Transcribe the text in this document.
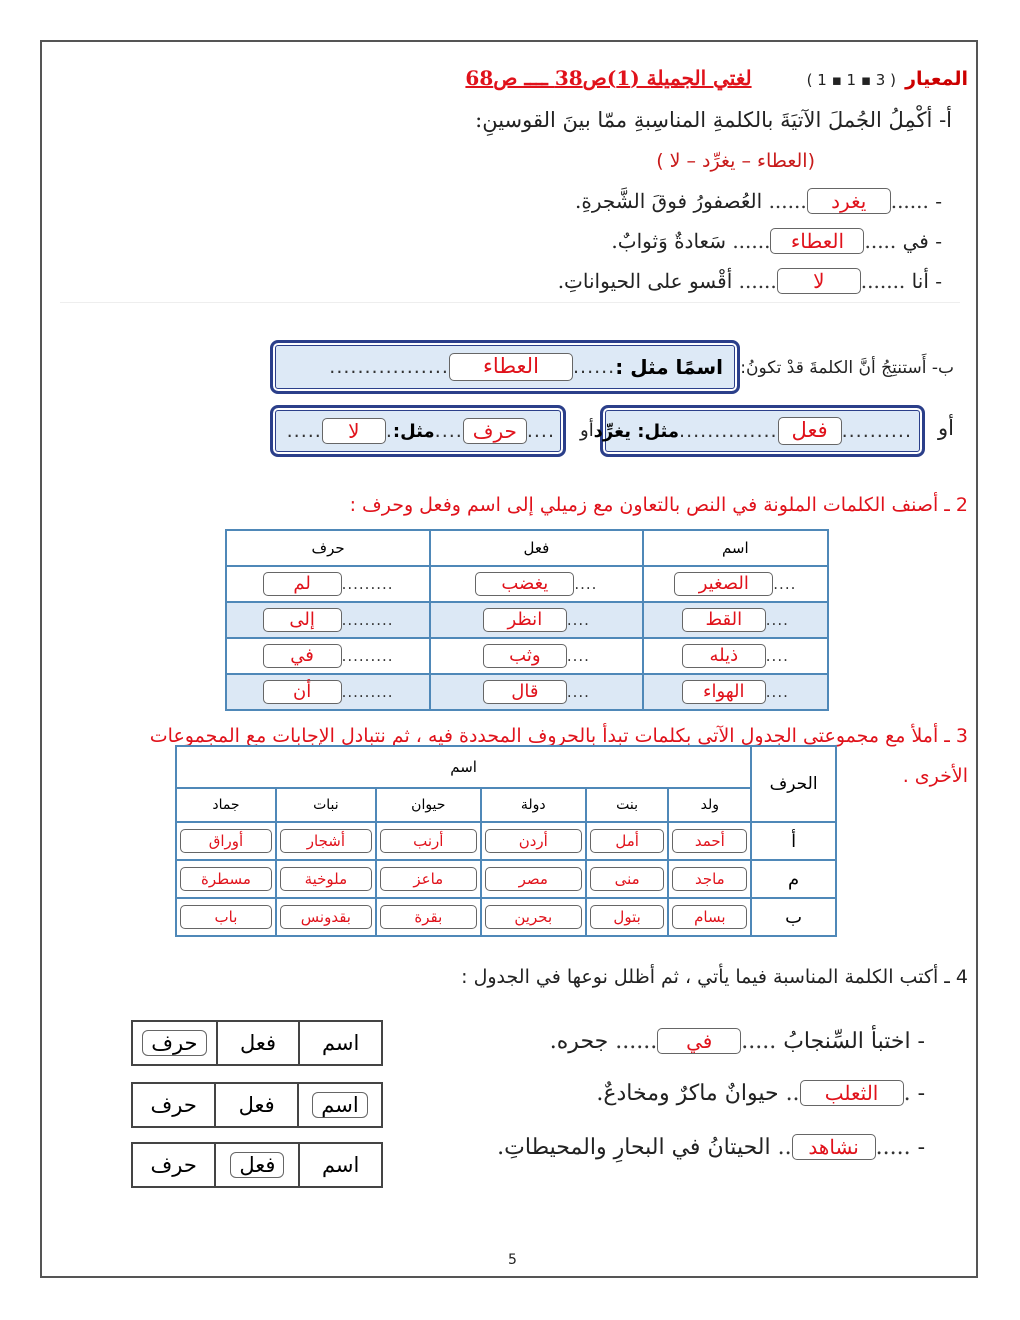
المعيار ( 3 ▪ 1 ▪ 1 ) لغتي الجميلة (1)ص38 ــــ ص68
أ- أكْمِلُ الجُملَ الآتيَةَ بالكلمةِ المناسِبةِ ممّا بينَ القوسينِ:
(العطاء – يغرِّد – لا )
- ......يغرد...... العُصفورُ فوقَ الشَّجرةِ.
- في .....العطاء...... سَعادةٌ وَثوابٌ.
- أنا .......لا...... أقْسو على الحيواناتِ.
ب- أَستنتِجُ أنَّ الكلمةَ قدْ تكونُ:
اسمًا مثل :
......
العطاء
.................
أو
..........
فعل
..............
مثل: يغرِّد
أو
....
حرف
....
مثل:
.
لا
.....
2 ـ أصنف الكلمات الملونة في النص بالتعاون مع زميلي إلى اسم وفعل وحرف :
اسم	فعل	حرف
....الصغير	....يغضب	.........لم
....القط	....انظر	.........إلى
....ذيله	....وثب	.........في
....الهواء	....قال	.........أن
3 ـ أملأ مع مجموعتي الجدول الآتي بكلمات تبدأ بالحروف المحددة فيه ، ثم نتبادل الإجابات مع المجموعات الأخرى .
الحرف	اسم					
	ولد	بنت	دولة	حيوان	نبات	جماد
أ	أحمد	أمل	أردن	أرنب	أشجار	أوراق

م	ماجد	منى	مصر	ماعز	ملوخية	مسطرة

ب	بسام	بتول	بحرين	بقرة	بقدونس	باب
4 ـ أكتب الكلمة المناسبة فيما يأتي ، ثم أظلل نوعها في الجدول :
- اختبأ السِّنجابُ .....في...... جحره.
- .الثعلب.. حيوانٌ ماكرٌ ومخادعٌ.
- .....نشاهد.. الحيتانُ في البحارِ والمحيطاتِ.
اسم	فعل	حرف
اسم	فعل	حرف
اسم	فعل	حرف
5
